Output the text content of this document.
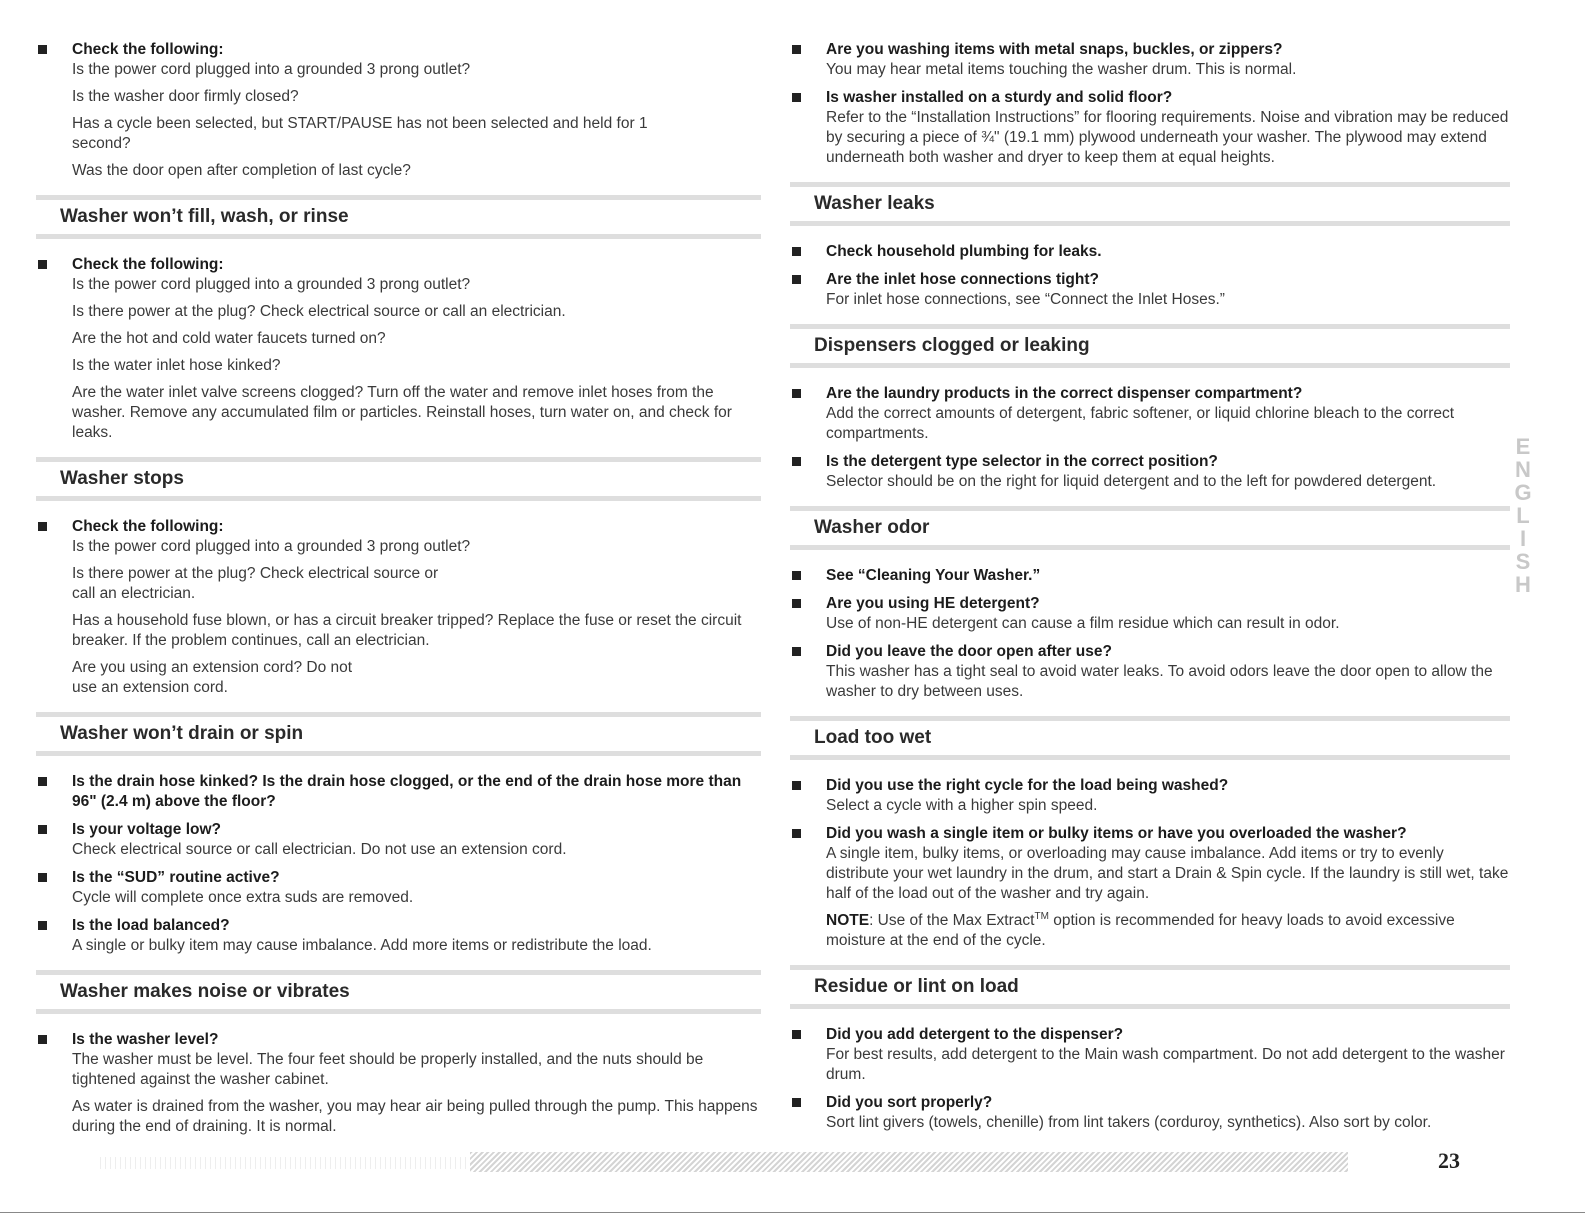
Check the following:
Is the power cord plugged into a grounded 3 prong outlet?
Is the washer door firmly closed?
Has a cycle been selected, but START/PAUSE has not been selected and held for 1 second?
Was the door open after completion of last cycle?
Washer won’t fill, wash, or rinse
Check the following:
Is the power cord plugged into a grounded 3 prong outlet?
Is there power at the plug? Check electrical source or call an electrician.
Are the hot and cold water faucets turned on?
Is the water inlet hose kinked?
Are the water inlet valve screens clogged? Turn off the water and remove inlet hoses from the washer. Remove any accumulated film or particles. Reinstall hoses, turn water on, and check for leaks.
Washer stops
Check the following:
Is the power cord plugged into a grounded 3 prong outlet?
Is there power at the plug? Check electrical source or call an electrician.
Has a household fuse blown, or has a circuit breaker tripped? Replace the fuse or reset the circuit breaker. If the problem continues, call an electrician.
Are you using an extension cord? Do not use an extension cord.
Washer won’t drain or spin
Is the drain hose kinked? Is the drain hose clogged, or the end of the drain hose more than 96" (2.4 m) above the floor?
Is your voltage low?
Check electrical source or call electrician. Do not use an extension cord.
Is the “SUD” routine active?
Cycle will complete once extra suds are removed.
Is the load balanced?
A single or bulky item may cause imbalance. Add more items or redistribute the load.
Washer makes noise or vibrates
Is the washer level?
The washer must be level. The four feet should be properly installed, and the nuts should be tightened against the washer cabinet.
As water is drained from the washer, you may hear air being pulled through the pump. This happens during the end of draining. It is normal.
Are you washing items with metal snaps, buckles, or zippers?
You may hear metal items touching the washer drum. This is normal.
Is washer installed on a sturdy and solid floor?
Refer to the “Installation Instructions” for flooring requirements. Noise and vibration may be reduced by securing a piece of ¾" (19.1 mm) plywood underneath your washer. The plywood may extend underneath both washer and dryer to keep them at equal heights.
Washer leaks
Check household plumbing for leaks.
Are the inlet hose connections tight?
For inlet hose connections, see “Connect the Inlet Hoses.”
Dispensers clogged or leaking
Are the laundry products in the correct dispenser compartment?
Add the correct amounts of detergent, fabric softener, or liquid chlorine bleach to the correct compartments.
Is the detergent type selector in the correct position?
Selector should be on the right for liquid detergent and to the left for powdered detergent.
Washer odor
See “Cleaning Your Washer.”
Are you using HE detergent?
Use of non-HE detergent can cause a film residue which can result in odor.
Did you leave the door open after use?
This washer has a tight seal to avoid water leaks. To avoid odors leave the door open to allow the washer to dry between uses.
Load too wet
Did you use the right cycle for the load being washed?
Select a cycle with a higher spin speed.
Did you wash a single item or bulky items or have you overloaded the washer?
A single item, bulky items, or overloading may cause imbalance. Add items or try to evenly distribute your wet laundry in the drum, and start a Drain & Spin cycle. If the laundry is still wet, take half of the load out of the washer and try again.
NOTE: Use of the Max Extract™ option is recommended for heavy loads to avoid excessive moisture at the end of the cycle.
Residue or lint on load
Did you add detergent to the dispenser?
For best results, add detergent to the Main wash compartment. Do not add detergent to the washer drum.
Did you sort properly?
Sort lint givers (towels, chenille) from lint takers (corduroy, synthetics). Also sort by color.
E
N
G
L
I
S
H
23
